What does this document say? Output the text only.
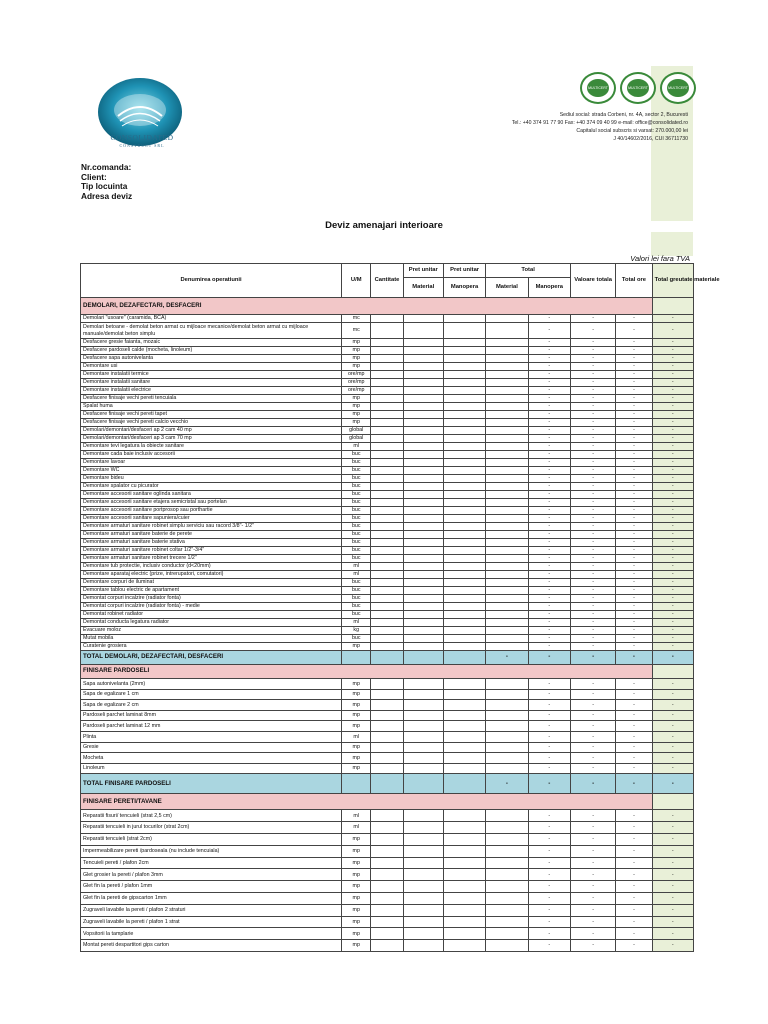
CONSOLIDATED
CONSTRUCT SRL
MULTICERT	MULTICERT	MULTICERT
Sediul social: strada Corbeni, nr. 4A, sector 2, Bucuresti
Tel.: +40 374 91 77 90 Fax: +40 374 09 40 99 e-mail: office@consolidated.ro
Capitalul social subscris si varsat: 270.000,00 lei
J 40/14602/2016, CUI 36711730
Nr.comanda:
Client:
Tip locuinta
Adresa deviz
Deviz amenajari interioare
Valori lei fara TVA
Denumirea operatiunii	U/M	Cantitate	Pret unitar	Pret unitar	Total		Valoare totala	Total ore	Total greutate materiale
			Material	Manopera	Material	Manopera			
DEMOLARI, DEZAFECTARI, DESFACERI									
Demolari "usoare" (caramida, BCA)	mc					-	-	-	-
Demolari betoane - demolat beton armat cu mijloace mecanice/demolat beton armat cu mijloace manuale/demolat beton simplu	mc					-	-	-	-
Desfacere gresie faianta, mozaic	mp					-	-	-	-
Desfacere pardoseli calde (mocheta, linoleum)	mp					-	-	-	-
Desfacere sapa autonivelanta	mp					-	-	-	-
Demontare usi	mp					-	-	-	-
Demontare instalatii termice	ore/mp					-	-	-	-
Demontare instalatii sanitare	ore/mp					-	-	-	-
Demontare instalatii electrice	ore/mp					-	-	-	-
Desfacere finisaje vechi pereti tencuiala	mp					-	-	-	-
Spalat huma	mp					-	-	-	-
Desfacere finisaje vechi pereti tapet	mp					-	-	-	-
Desfacere finisaje vechi pereti calcio vecchio	mp					-	-	-	-
Demolari/demontari/desfaceri ap 2 cam 40 mp	global					-	-	-	-
Demolari/demontari/desfaceri ap 3 cam 70 mp	global					-	-	-	-
Demontare tevi legatura la obiecte sanitare	ml					-	-	-	-
Demontare cada baie inclusiv accesorii	buc					-	-	-	-
Demontare lavoar	buc					-	-	-	-
Demontare WC	buc					-	-	-	-
Demontare bideu	buc					-	-	-	-
Demontare spalator cu picurator	buc					-	-	-	-
Demontare accesorii sanitare oglinda sanitara	buc					-	-	-	-
Demontare accesorii sanitare etajera semicristal sau portelan	buc					-	-	-	-
Demontare accesorii sanitare portprosop sau porthartie	buc					-	-	-	-
Demontare accesorii sanitare sapuniera/cuier	buc					-	-	-	-
Demontare armaturi sanitare robinet simplu serviciu sau racord 3/8"- 1/2"	buc					-	-	-	-
Demontare armaturi sanitare baterie de perete	buc					-	-	-	-
Demontare armaturi sanitare baterie stativa	buc					-	-	-	-
Demontare armaturi sanitare robinet coltar 1/2"-3/4"	buc					-	-	-	-
Demontare armaturi sanitare robinet trecere 1/2"	buc					-	-	-	-
Demontare tub protectie, inclusiv conductor (d<20mm)	ml					-	-	-	-
Demontare aparataj electric (prize, intrerupatori, comutatori)	ml					-	-	-	-
Demontare corpuri de iluminat	buc					-	-	-	-
Demontare tablou electric de apartament	buc					-	-	-	-
Demontat corpuri incalzire (radiator fonta)	buc					-	-	-	-
Demontat corpuri incalzire (radiator fonta) - medie	buc					-	-	-	-
Demontat robinet radiator	buc					-	-	-	-
Demontat conducta legatura radiator	ml					-	-	-	-
Evacuare moloz	kg					-	-	-	-
Mutat mobila	buc					-	-	-	-
Curatenie grosiera	mp					-	-	-	-
TOTAL DEMOLARI, DEZAFECTARI, DESFACERI					-	-	-	-	-
FINISARE PARDOSELI									
Sapa autonivelanta (2mm)	mp					-	-	-	-
Sapa de egalizare 1 cm	mp					-	-	-	-
Sapa de egalizare 2 cm	mp					-	-	-	-
Pardoseli parchet laminat 8mm	mp					-	-	-	-
Pardoseli parchet laminat 12 mm	mp					-	-	-	-
Plinta	ml					-	-	-	-
Gresie	mp					-	-	-	-
Mocheta	mp					-	-	-	-
Linoleum	mp					-	-	-	-
TOTAL FINISARE PARDOSELI					-	-	-	-	-
FINISARE PERETI/TAVANE									
Reparatii fisuri/ tencuieli (strat 2,5 cm)	ml					-	-	-	-
Reparatii tencuieli in jurul tocurilor (strat 2cm)	ml					-	-	-	-
Reparatii tencuieli (strat 2cm)	mp					-	-	-	-
Impermeabilizare pereti /pardoseala (nu include tencuiala)	mp					-	-	-	-
Tencuieli pereti / plafon 2cm	mp					-	-	-	-
Glet grosier la pereti / plafon 3mm	mp					-	-	-	-
Glet fin la pereti / plafon 1mm	mp					-	-	-	-
Glet fin la pereti de gipscarton 1mm	mp					-	-	-	-
Zugraveli lavabile la pereti / plafon 2 straturi	mp					-	-	-	-
Zugraveli lavabile la pereti / plafon 1 strat	mp					-	-	-	-
Vopsitorii la tamplarie	mp					-	-	-	-
Montat pereti despartitori gips carton	mp					-	-	-	-
